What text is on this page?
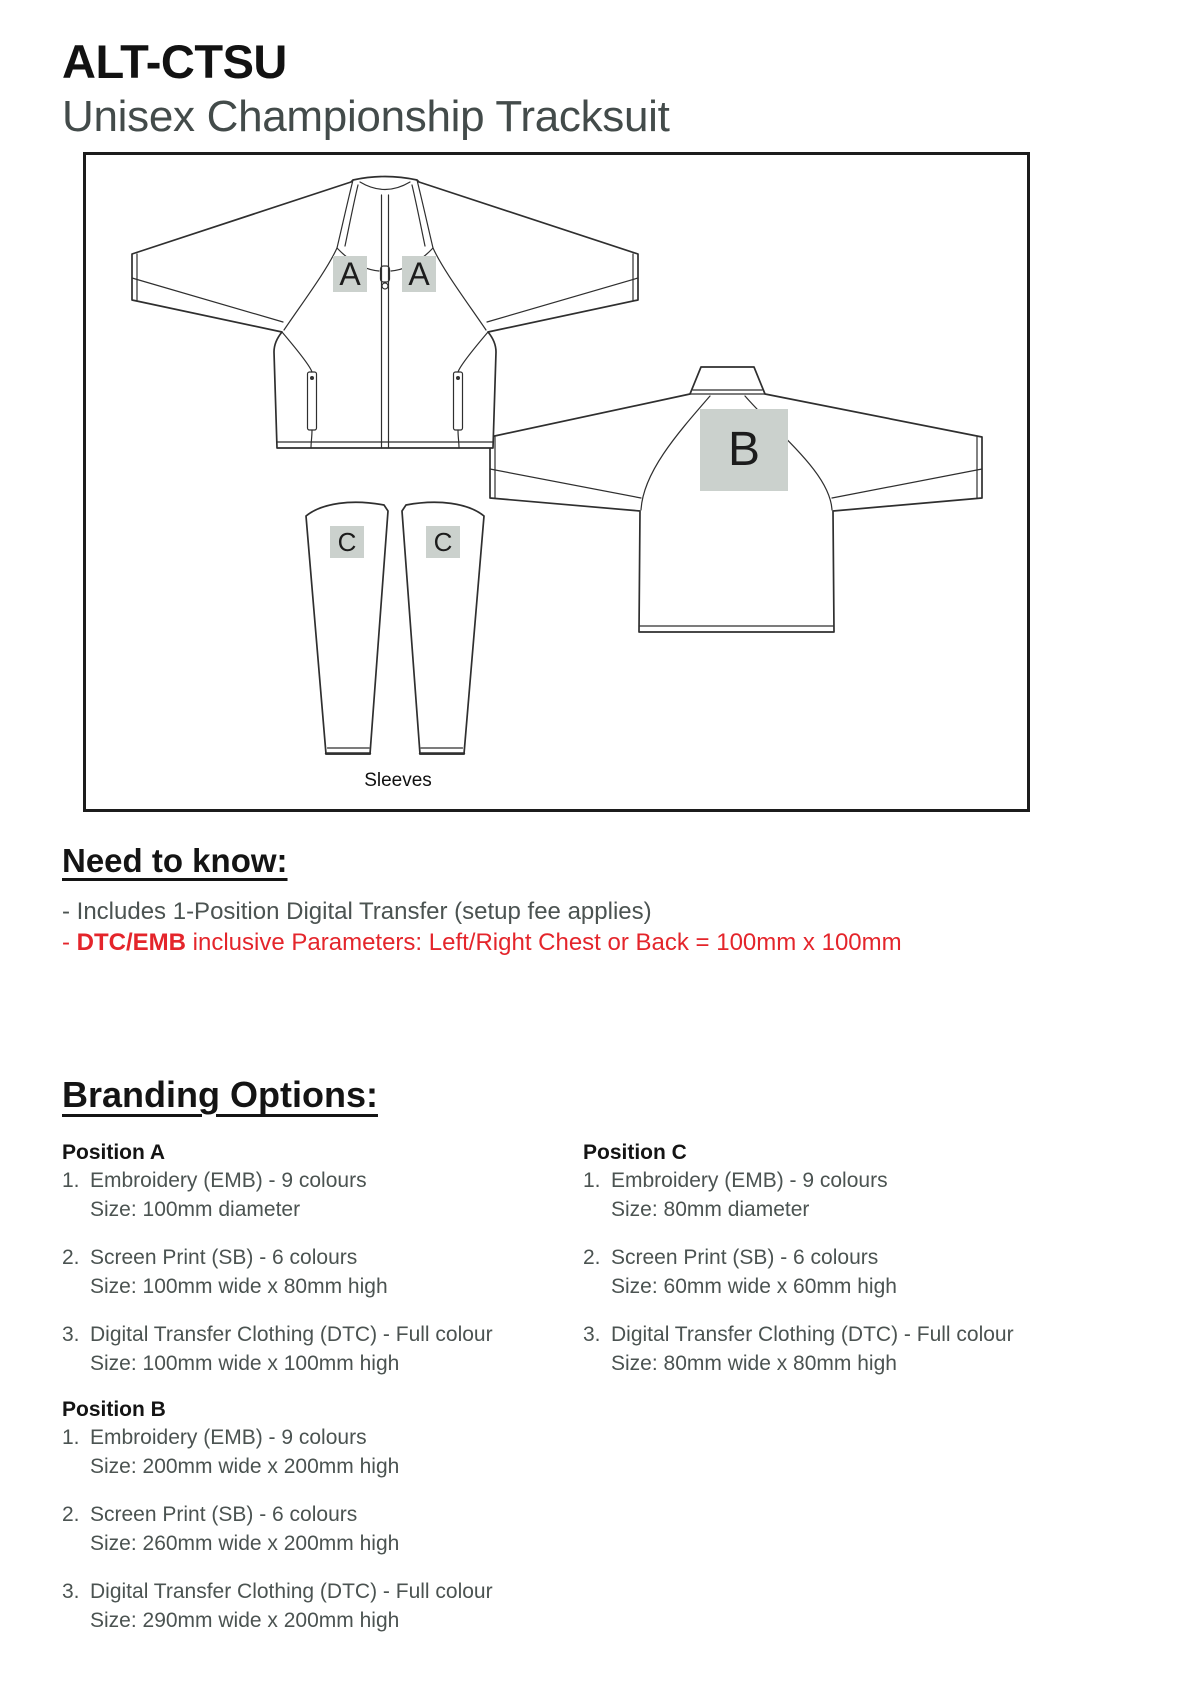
ALT-CTSU
Unisex Championship Tracksuit
A A
B
C	C
Sleeves
Need to know:
- Includes 1-Position Digital Transfer (setup fee applies)
- DTC/EMB inclusive Parameters: Left/Right Chest or Back = 100mm x 100mm
Branding Options:

Position A

1. Embroidery (EMB) - 9 colours
Size: 100mm diameter
2. Screen Print (SB) - 6 colours
Size: 100mm wide x 80mm high
3. Digital Transfer Clothing (DTC) - Full colour
Size: 100mm wide x 100mm high

Position B

1. Embroidery (EMB) - 9 colours
Size: 200mm wide x 200mm high
2. Screen Print (SB) - 6 colours
Size: 260mm wide x 200mm high
3. Digital Transfer Clothing (DTC) - Full colour
Size: 290mm wide x 200mm high

Position C

1. Embroidery (EMB) - 9 colours
Size: 80mm diameter
2. Screen Print (SB) - 6 colours
Size: 60mm wide x 60mm high
3. Digital Transfer Clothing (DTC) - Full colour
Size: 80mm wide x 80mm high
